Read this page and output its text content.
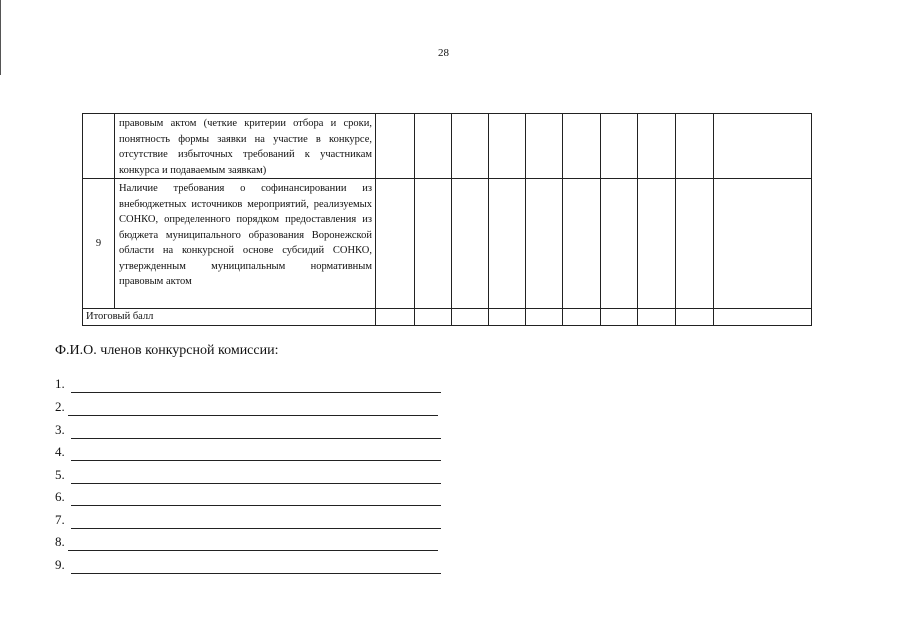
28
	правовым актом (четкие критерии отбора и сроки, понятность формы заявки на участие в конкурсе, отсутствие избыточных требований к участникам конкурса и подаваемым заявкам)										
9	Наличие требования о софинансировании из внебюджетных источников мероприятий, реализуемых СОНКО, определенного порядком предоставления из бюджета муниципального образования Воронежской области на конкурсной основе субсидий СОНКО, утвержденным муниципальным нормативным правовым актом										
Итоговый балл											
Ф.И.О. членов конкурсной комиссии:
1.
2.
3.
4.
5.
6.
7.
8.
9.
